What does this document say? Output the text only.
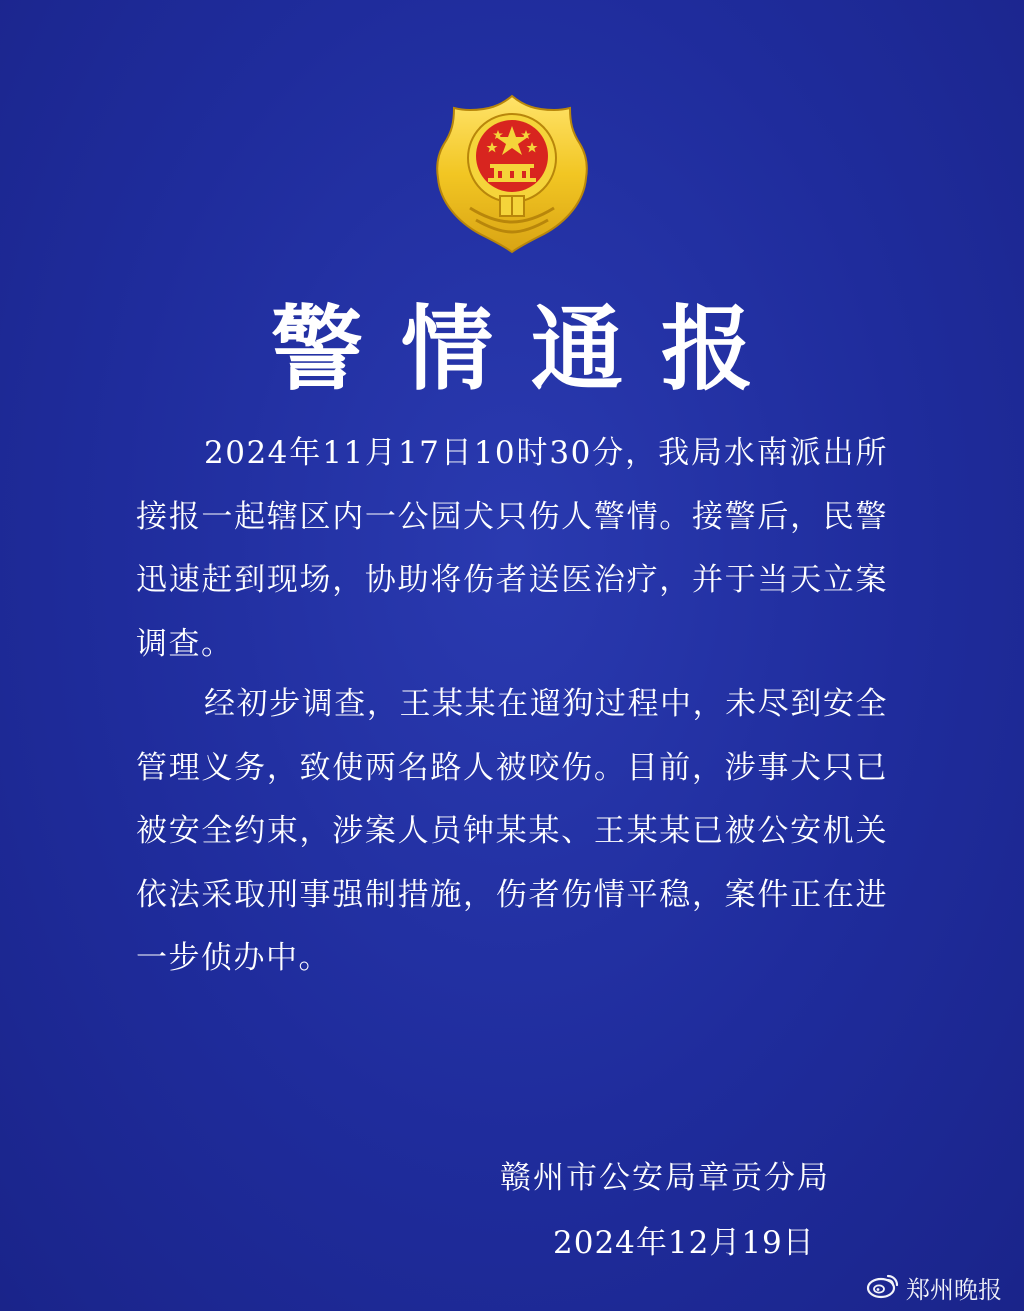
警情通报

2024年11月17日10时30分，我局水南派出所接报一起辖区内一公园犬只伤人警情。接警后，民警迅速赶到现场，协助将伤者送医治疗，并于当天立案调查。

经初步调查，王某某在遛狗过程中，未尽到安全管理义务，致使两名路人被咬伤。目前，涉事犬只已被安全约束，涉案人员钟某某、王某某已被公安机关依法采取刑事强制措施，伤者伤情平稳，案件正在进一步侦办中。

赣州市公安局章贡分局
2024年12月19日
郑州晚报
